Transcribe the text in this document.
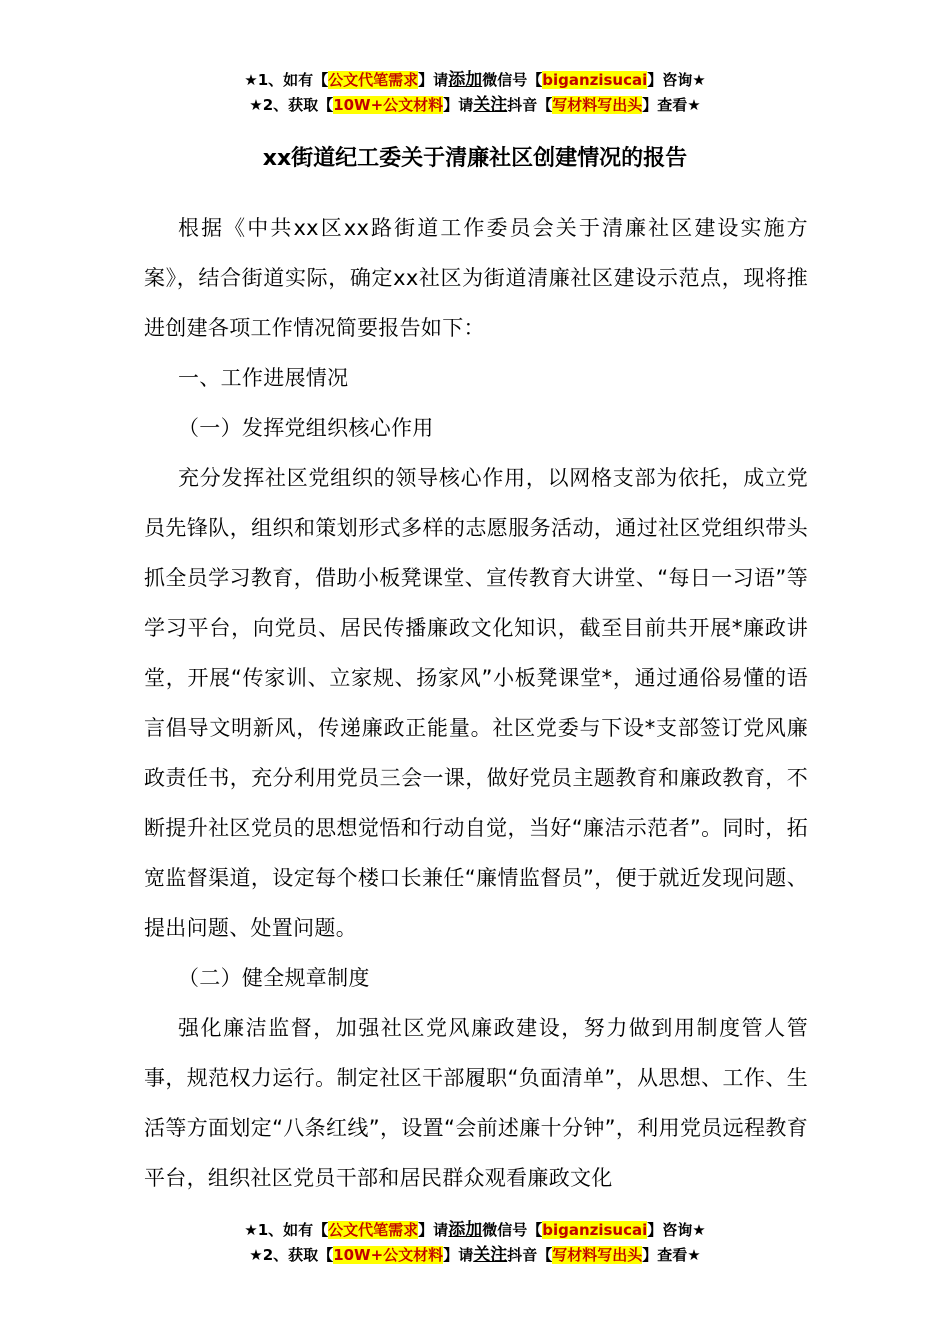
★1、如有【公文代笔需求】请添加微信号【biganzisucai】咨询★
★2、获取【10W+公文材料】请关注抖音【写材料写出头】查看★
xx街道纪工委关于清廉社区创建情况的报告

根据《中共xx区xx路街道工作委员会关于清廉社区建设实施方案》，结合街道实际，确定xx社区为街道清廉社区建设示范点，现将推进创建各项工作情况简要报告如下：

一、工作进展情况

（一）发挥党组织核心作用

充分发挥社区党组织的领导核心作用，以网格支部为依托，成立党员先锋队，组织和策划形式多样的志愿服务活动，通过社区党组织带头抓全员学习教育，借助小板凳课堂、宣传教育大讲堂、“每日一习语”等学习平台，向党员、居民传播廉政文化知识，截至目前共开展*廉政讲堂，开展“传家训、立家规、扬家风”小板凳课堂*，通过通俗易懂的语言倡导文明新风，传递廉政正能量。社区党委与下设*支部签订党风廉政责任书，充分利用党员三会一课，做好党员主题教育和廉政教育，不断提升社区党员的思想觉悟和行动自觉，当好“廉洁示范者”。同时，拓宽监督渠道，设定每个楼口长兼任“廉情监督员”，便于就近发现问题、提出问题、处置问题。

（二）健全规章制度

强化廉洁监督，加强社区党风廉政建设，努力做到用制度管人管事，规范权力运行。制定社区干部履职“负面清单”，从思想、工作、生活等方面划定“八条红线”，设置“会前述廉十分钟”，利用党员远程教育平台，组织社区党员干部和居民群众观看廉政文化

★1、如有【公文代笔需求】请添加微信号【biganzisucai】咨询★
★2、获取【10W+公文材料】请关注抖音【写材料写出头】查看★
